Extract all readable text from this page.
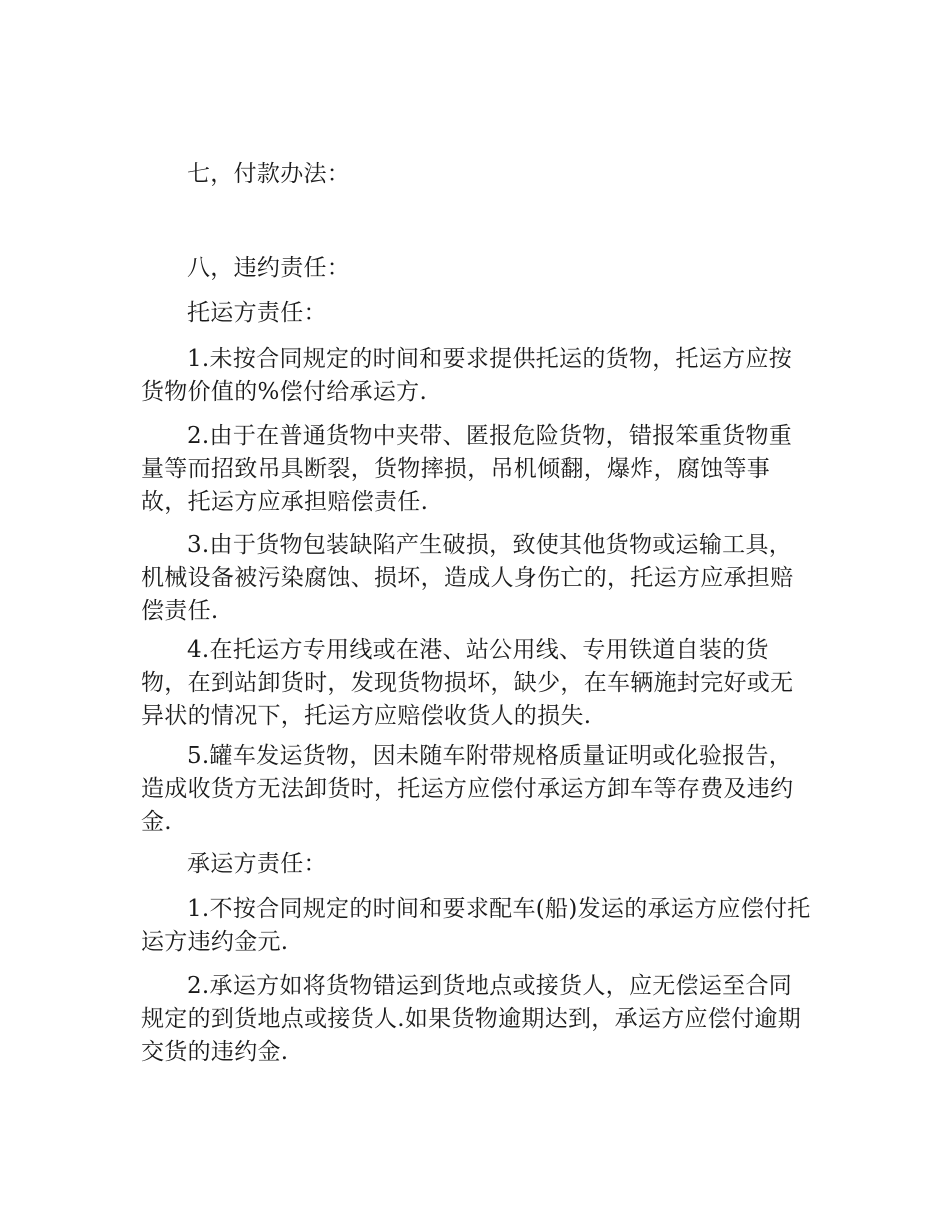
七，付款办法：

八，违约责任：

托运方责任：

1.未按合同规定的时间和要求提供托运的货物，托运方应按货物价值的%偿付给承运方.

2.由于在普通货物中夹带、匿报危险货物，错报笨重货物重量等而招致吊具断裂，货物摔损，吊机倾翻，爆炸，腐蚀等事故，托运方应承担赔偿责任.

3.由于货物包装缺陷产生破损，致使其他货物或运输工具，机械设备被污染腐蚀、损坏，造成人身伤亡的，托运方应承担赔偿责任.

4.在托运方专用线或在港、站公用线、专用铁道自装的货物，在到站卸货时，发现货物损坏，缺少，在车辆施封完好或无异状的情况下，托运方应赔偿收货人的损失.

5.罐车发运货物，因未随车附带规格质量证明或化验报告，造成收货方无法卸货时，托运方应偿付承运方卸车等存费及违约金.

承运方责任：

1.不按合同规定的时间和要求配车(船)发运的承运方应偿付托运方违约金元.

2.承运方如将货物错运到货地点或接货人，应无偿运至合同规定的到货地点或接货人.如果货物逾期达到，承运方应偿付逾期交货的违约金.
